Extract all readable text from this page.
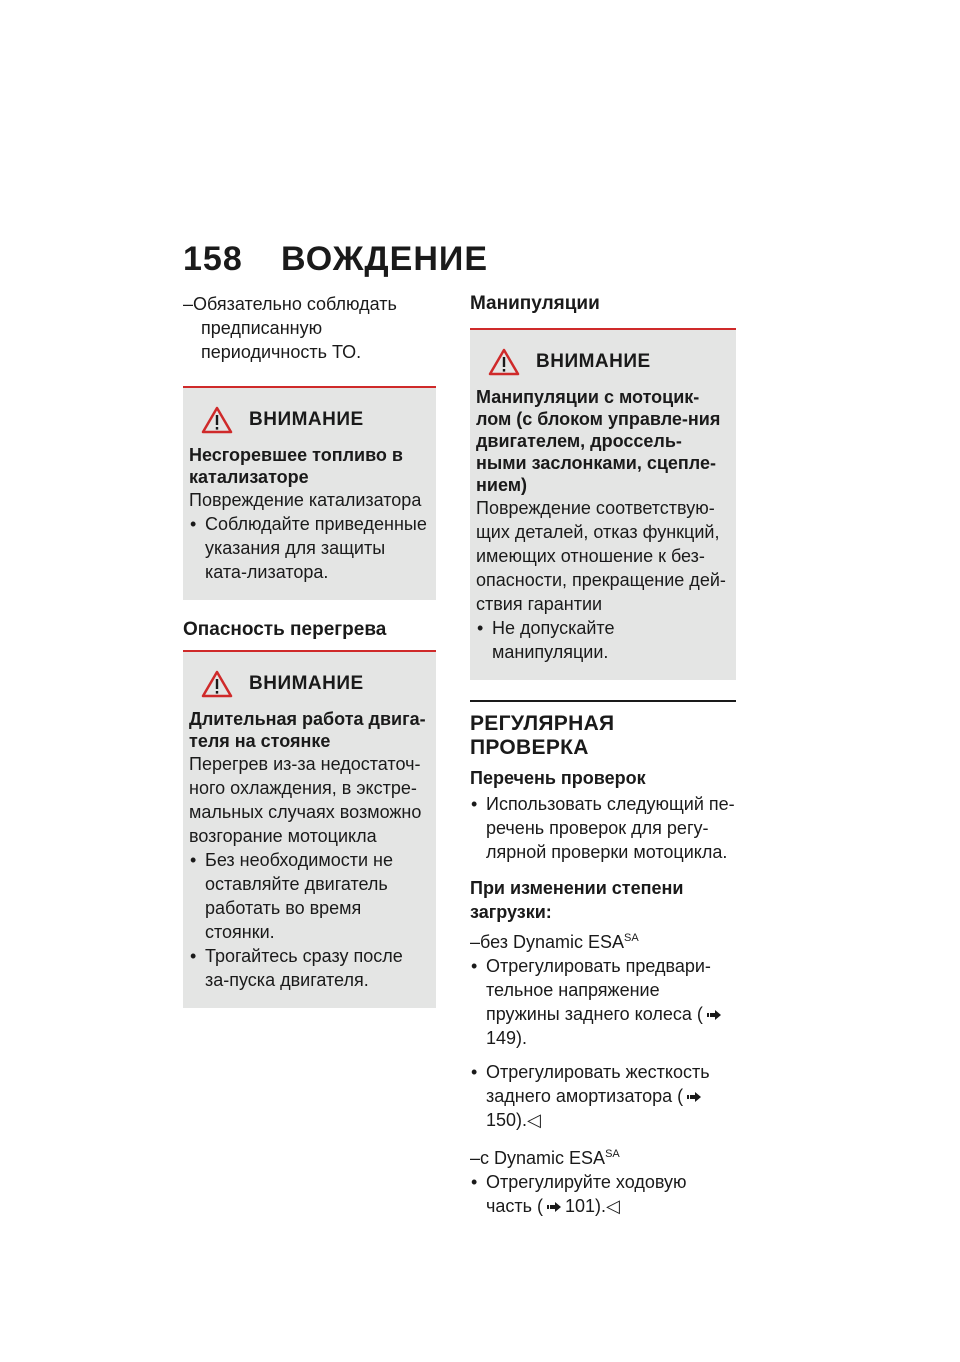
158 ВОЖДЕНИЕ
–Обязательно соблюдать
предписанную периодичность ТО.
ВНИМАНИЕ
Несгоревшее топливо в катализаторе
Повреждение катализатора
• Соблюдайте приведенные указания для защиты ката-лизатора.
Опасность перегрева
ВНИМАНИЕ
Длительная работа двига-теля на стоянке
Перегрев из-за недостаточ-ного охлаждения, в экстре-мальных случаях возможно возгорание мотоцикла
• Без необходимости не оставляйте двигатель работать во время стоянки.
• Трогайтесь сразу после за-пуска двигателя.
Манипуляции
ВНИМАНИЕ
Манипуляции с мотоцик-лом (с блоком управле-ния двигателем, дроссель-ными заслонками, сцепле-нием)
Повреждение соответствую-щих деталей, отказ функций, имеющих отношение к без-опасности, прекращение дей-ствия гарантии
• Не допускайте манипуляции.
РЕГУЛЯРНАЯ ПРОВЕРКА
Перечень проверок
• Использовать следующий пе-речень проверок для регу-лярной проверки мотоцикла.
При изменении степени загрузки:
–без Dynamic $ESA^{SA}$
• Отрегулировать предвари-тельное напряжение пружины заднего колеса (149).
• Отрегулировать жесткость заднего амортизатора (150).◁
–с Dynamic $ESA^{SA}$
• Отрегулируйте ходовую часть ( 101).◁
